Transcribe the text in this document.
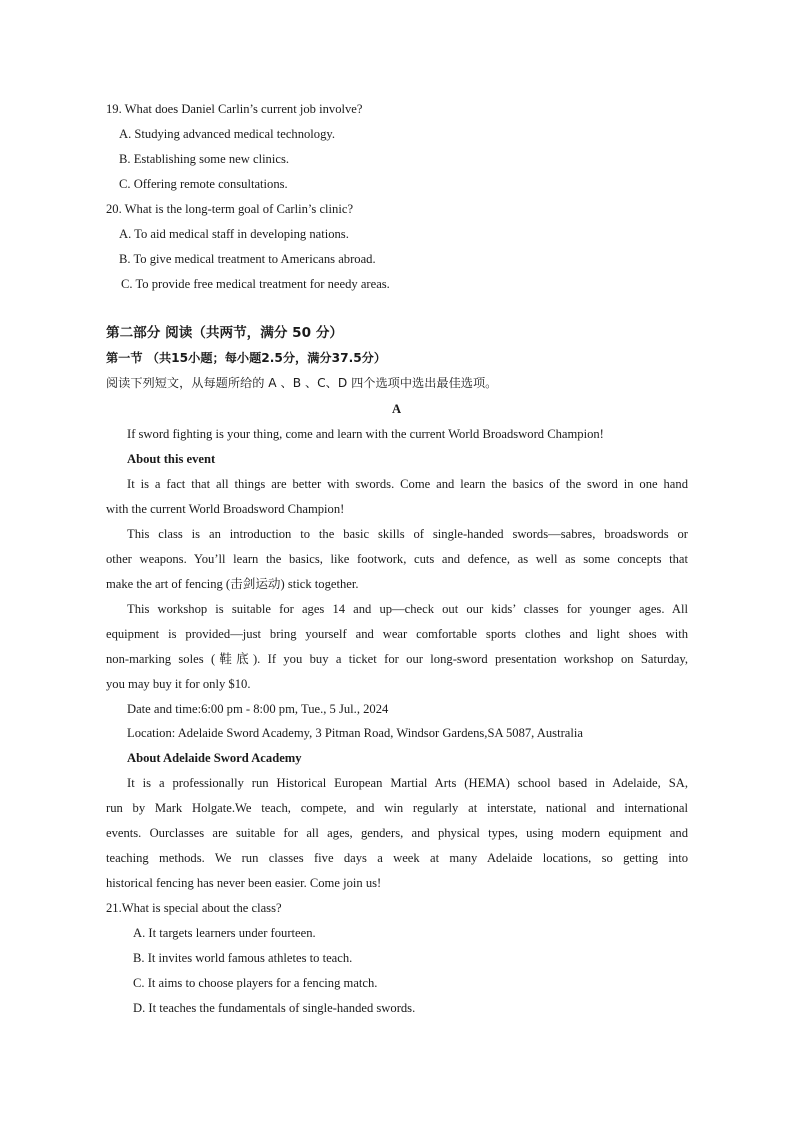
19. What does Daniel Carlin’s current job involve?
A. Studying advanced medical technology.
B. Establishing some new clinics.
C. Offering remote consultations.
20. What is the long-term goal of Carlin’s clinic?
A. To aid medical staff in developing nations.
B. To give medical treatment to Americans abroad.
C. To provide free medical treatment for needy areas.
第二部分 阅读（共两节，满分 50 分）
第一节 （共15小题；每小题2.5分，满分37.5分）
阅读下列短文，从每题所给的 A 、B 、C、D 四个选项中选出最佳选项。
A
If sword fighting is your thing, come and learn with the current World Broadsword Champion!
About this event
It is a fact that all things are better with swords. Come and learn the basics of the sword in one hand
with the current World Broadsword Champion!
This class is an introduction to the basic skills of single-handed swords—sabres, broadswords or
other weapons. You’ll learn the basics, like footwork, cuts and defence, as well as some concepts that
make the art of fencing (击剑运动) stick together.
This workshop is suitable for ages 14 and up—check out our kids’ classes for younger ages. All
equipment is provided—just bring yourself and wear comfortable sports clothes and light shoes with
non-marking soles (鞋底). If you buy a ticket for our long-sword presentation workshop on Saturday,
you may buy it for only $10.
Date and time:6:00 pm - 8:00 pm, Tue., 5 Jul., 2024
Location: Adelaide Sword Academy, 3 Pitman Road, Windsor Gardens,SA 5087, Australia
About Adelaide Sword Academy
It is a professionally run Historical European Martial Arts (HEMA) school based in Adelaide, SA,
run by Mark Holgate.We teach, compete, and win regularly at interstate, national and international
events. Ourclasses are suitable for all ages, genders, and physical types, using modern equipment and
teaching methods. We run classes five days a week at many Adelaide locations, so getting into
historical fencing has never been easier. Come join us!
21.What is special about the class?
A. It targets learners under fourteen.
B. It invites world famous athletes to teach.
C. It aims to choose players for a fencing match.
D. It teaches the fundamentals of single-handed swords.
